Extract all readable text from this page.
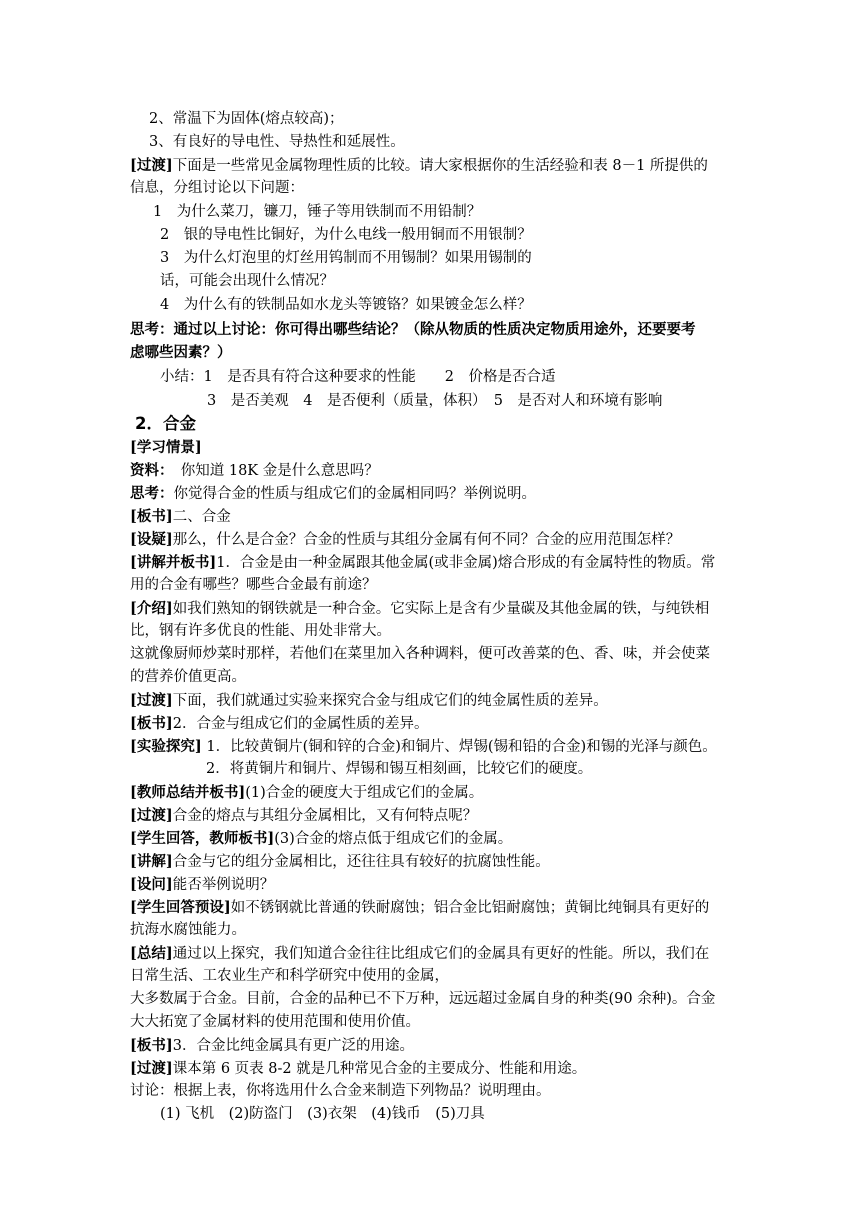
2、常温下为固体(熔点较高)；
3、有良好的导电性、导热性和延展性。
[过渡]下面是一些常见金属物理性质的比较。请大家根据你的生活经验和表 8－1 所提供的
信息，分组讨论以下问题：
1　为什么菜刀，镰刀，锤子等用铁制而不用铅制？
2　银的导电性比铜好，为什么电线一般用铜而不用银制？
3　为什么灯泡里的灯丝用钨制而不用锡制？如果用锡制的
话，可能会出现什么情况？
4　为什么有的铁制品如水龙头等镀铬？如果镀金怎么样？
思考：通过以上讨论：你可得出哪些结论？（除从物质的性质决定物质用途外，还要要考
虑哪些因素？）
小结：1　是否具有符合这种要求的性能　　2　价格是否合适
3　是否美观　4　是否便利（质量，体积）　5　是否对人和环境有影响
2．合金
[学习情景]
资料：　你知道 18K 金是什么意思吗？
思考：你觉得合金的性质与组成它们的金属相同吗？举例说明。
[板书]二、合金
[设疑]那么，什么是合金？合金的性质与其组分金属有何不同？合金的应用范围怎样？
[讲解并板书]1．合金是由一种金属跟其他金属(或非金属)熔合形成的有金属特性的物质。常
用的合金有哪些？哪些合金最有前途？
[介绍]如我们熟知的钢铁就是一种合金。它实际上是含有少量碳及其他金属的铁，与纯铁相
比，钢有许多优良的性能、用处非常大。
这就像厨师炒菜时那样，若他们在菜里加入各种调料，便可改善菜的色、香、味，并会使菜
的营养价值更高。
[过渡]下面，我们就通过实验来探究合金与组成它们的纯金属性质的差异。
[板书]2．合金与组成它们的金属性质的差异。
[实验探究] 1．比较黄铜片(铜和锌的合金)和铜片、焊锡(锡和铅的合金)和锡的光泽与颜色。
2．将黄铜片和铜片、焊锡和锡互相刻画，比较它们的硬度。
[教师总结并板书](1)合金的硬度大于组成它们的金属。
[过渡]合金的熔点与其组分金属相比，又有何特点呢？
[学生回答，教师板书](3)合金的熔点低于组成它们的金属。
[讲解]合金与它的组分金属相比，还往往具有较好的抗腐蚀性能。
[设问]能否举例说明？
[学生回答预设]如不锈钢就比普通的铁耐腐蚀；铝合金比铝耐腐蚀；黄铜比纯铜具有更好的
抗海水腐蚀能力。
[总结]通过以上探究，我们知道合金往往比组成它们的金属具有更好的性能。所以，我们在
日常生活、工农业生产和科学研究中使用的金属，
大多数属于合金。目前，合金的品种已不下万种，远远超过金属自身的种类(90 余种)。合金
大大拓宽了金属材料的使用范围和使用价值。
[板书]3．合金比纯金属具有更广泛的用途。
[过渡]课本第 6 页表 8-2 就是几种常见合金的主要成分、性能和用途。
讨论：根据上表，你将选用什么合金来制造下列物品？说明理由。
(1) 飞机　(2)防盗门　(3)衣架　(4)钱币　(5)刀具
